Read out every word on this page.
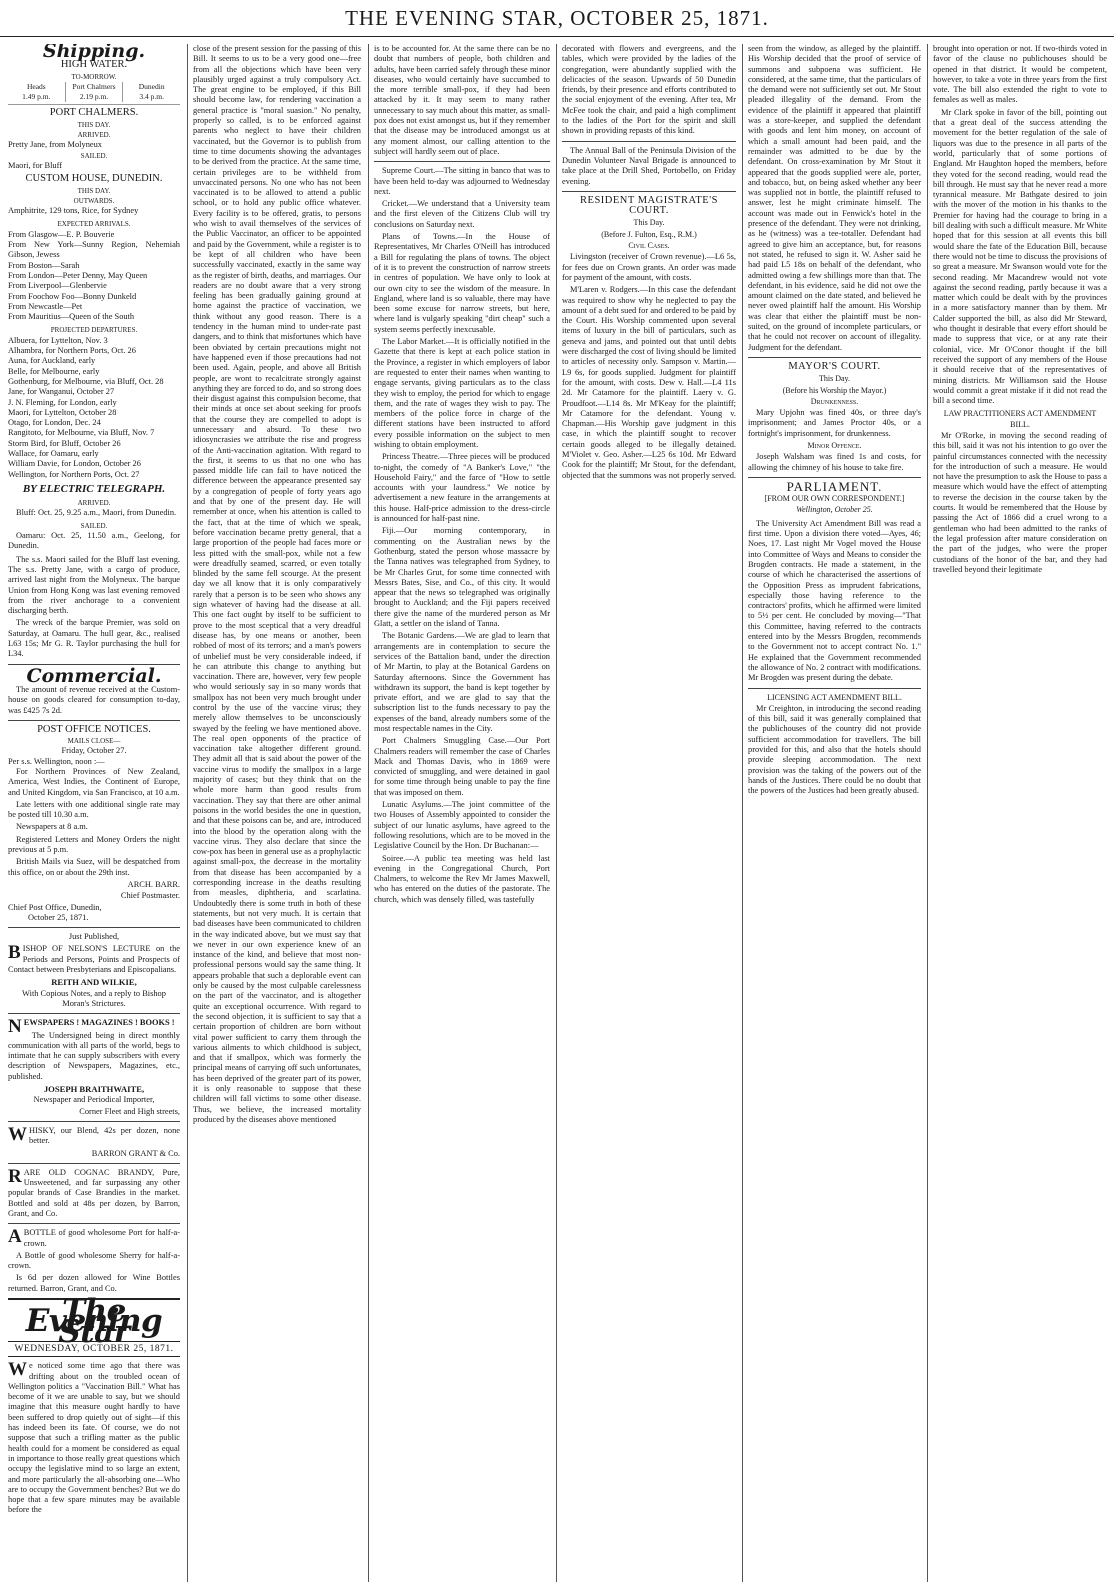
THE EVENING STAR, OCTOBER 25, 1871.
Shipping.
HIGH WATER.
TO-MORROW.
Heads
1.49 p.m.
Port Chalmers
2.19 p.m.
Dunedin
3.4 p.m.
PORT CHALMERS.
THIS DAY.
ARRIVED.
Pretty Jane, from Molyneux
SAILED.
Maori, for Bluff
CUSTOM HOUSE, DUNEDIN.
THIS DAY.
OUTWARDS.
Amphitrite, 129 tons, Rice, for Sydney
EXPECTED ARRIVALS.
From Glasgow—E. P. Bouverie
From New York—Sunny Region, Nehemiah Gibson, Jewess
From Boston—Sarah
From London—Peter Denny, May Queen
From Liverpool—Glenbervie
From Foochow Foo—Bonny Dunkeld
From Newcastle—Pet
From Mauritius—Queen of the South
PROJECTED DEPARTURES.
Albuera, for Lyttelton, Nov. 3
Alhambra, for Northern Ports, Oct. 26
Auna, for Auckland, early
Belle, for Melbourne, early
Gothenburg, for Melbourne, via Bluff, Oct. 28
Jane, for Wanganui, October 27
J. N. Fleming, for London, early
Maori, for Lyttelton, October 28
Otago, for London, Dec. 24
Rangitoto, for Melbourne, via Bluff, Nov. 7
Storm Bird, for Bluff, October 26
Wallace, for Oamaru, early
William Davie, for London, October 26
Wellington, for Northern Ports, Oct. 27
BY ELECTRIC TELEGRAPH.
ARRIVED.

Bluff: Oct. 25, 9.25 a.m., Maori, from Dunedin.

SAILED.

Oamaru: Oct. 25, 11.50 a.m., Geelong, for Dunedin.

The s.s. Maori sailed for the Bluff last evening. The s.s. Pretty Jane, with a cargo of produce, arrived last night from the Molyneux. The barque Union from Hong Kong was last evening removed from the river anchorage to a convenient discharging berth.

The wreck of the barque Premier, was sold on Saturday, at Oamaru. The hull gear, &c., realised L63 15s; Mr G. R. Taylor purchasing the hull for L34.

Commercial.

The amount of revenue received at the Custom-house on goods cleared for consumption to-day, was £425 7s 2d.

POST OFFICE NOTICES.
MAILS CLOSE—
Friday, October 27.
Per s.s. Wellington, noon :—

For Northern Provinces of New Zealand, America, West Indies, the Continent of Europe, and United Kingdom, via San Francisco, at 10 a.m.

Late letters with one additional single rate may be posted till 10.30 a.m.

Newspapers at 8 a.m.

Registered Letters and Money Orders the night previous at 5 p.m.

British Mails via Suez, will be despatched from this office, on or about the 29th inst.

ARCH. BARR.
Chief Postmaster.
Chief Post Office, Dunedin,
October 25, 1871.
Just Published,
BISHOP OF NELSON'S LECTURE on the Periods and Persons, Points and Prospects of Contact between Presbyterians and Episcopalians.
REITH AND WILKIE,
With Copious Notes, and a reply to Bishop Moran's Strictures.
NEWSPAPERS ! MAGAZINES ! BOOKS !

The Undersigned being in direct monthly communication with all parts of the world, begs to intimate that he can supply subscribers with every description of Newspapers, Magazines, etc., published.

JOSEPH BRAITHWAITE,
Newspaper and Periodical Importer,
Corner Fleet and High streets,
WHISKY, our Blend, 42s per dozen, none better.
BARRON GRANT & Co.
RARE OLD COGNAC BRANDY, Pure, Unsweetened, and far surpassing any other popular brands of Case Brandies in the market. Bottled and sold at 48s per dozen, by Barron, Grant, and Co.
ABOTTLE of good wholesome Port for half-a-crown.

A Bottle of good wholesome Sherry for half-a-crown.

Is 6d per dozen allowed for Wine Bottles returned. Barron, Grant, and Co.

The Evening Star
WEDNESDAY, OCTOBER 25, 1871.

We noticed some time ago that there was drifting about on the troubled ocean of Wellington politics a "Vaccination Bill." What has become of it we are unable to say, but we should imagine that this measure ought hardly to have been suffered to drop quietly out of sight—if this has indeed been its fate. Of course, we do not suppose that such a trifling matter as the public health could for a moment be considered as equal in importance to those really great questions which occupy the legislative mind to so large an extent, and more particularly the all-absorbing one—Who are to occupy the Government benches? But we do hope that a few spare minutes may be available before the

close of the present session for the passing of this Bill. It seems to us to be a very good one—free from all the objections which have been very plausibly urged against a truly compulsory Act. The great engine to be employed, if this Bill should become law, for rendering vaccination a general practice is "moral suasion." No penalty, properly so called, is to be enforced against parents who neglect to have their children vaccinated, but the Governor is to publish from time to time documents showing the advantages to be derived from the practice. At the same time, certain privileges are to be withheld from unvaccinated persons. No one who has not been vaccinated is to be allowed to attend a public school, or to hold any public office whatever. Every facility is to be offered, gratis, to persons who wish to avail themselves of the services of the Public Vaccinator, an officer to be appointed and paid by the Government, while a register is to be kept of all children who have been successfully vaccinated, exactly in the same way as the register of birth, deaths, and marriages. Our readers are no doubt aware that a very strong feeling has been gradually gaining ground at home against the practice of vaccination, we think without any good reason. There is a tendency in the human mind to under-rate past dangers, and to think that misfortunes which have been obviated by certain precautions might not have happened even if those precautions had not been used. Again, people, and above all British people, are wont to recalcitrate strongly against anything they are forced to do, and so strong does their disgust against this compulsion become, that their minds at once set about seeking for proofs that the course they are compelled to adopt is unnecessary and absurd. To these two idiosyncrasies we attribute the rise and progress of the Anti-vaccination agitation. With regard to the first, it seems to us that no one who has passed middle life can fail to have noticed the difference between the appearance presented say by a congregation of people of forty years ago and that by one of the present day. He will remember at once, when his attention is called to the fact, that at the time of which we speak, before vaccination became pretty general, that a large proportion of the people had faces more or less pitted with the small-pox, while not a few were dreadfully seamed, scarred, or even totally blinded by the same fell scourge. At the present day we all know that it is only comparatively rarely that a person is to be seen who shows any sign whatever of having had the disease at all. This one fact ought by itself to be sufficient to prove to the most sceptical that a very dreadful disease has, by one means or another, been robbed of most of its terrors; and a man's powers of unbelief must be very considerable indeed, if he can attribute this change to anything but vaccination. There are, however, very few people who would seriously say in so many words that smallpox has not been very much brought under control by the use of the vaccine virus; they merely allow themselves to be unconsciously swayed by the feeling we have mentioned above. The real open opponents of the practice of vaccination take altogether different ground. They admit all that is said about the power of the vaccine virus to modify the smallpox in a large majority of cases; but they think that on the whole more harm than good results from vaccination. They say that there are other animal poisons in the world besides the one in question, and that these poisons can be, and are, introduced into the blood by the operation along with the vaccine virus. They also declare that since the cow-pox has been in general use as a prophylactic against small-pox, the decrease in the mortality from that disease has been accompanied by a corresponding increase in the deaths resulting from measles, diphtheria, and scarlatina. Undoubtedly there is some truth in both of these statements, but not very much. It is certain that bad diseases have been communicated to children in the way indicated above, but we must say that we never in our own experience knew of an instance of the kind, and believe that most non-professional persons would say the same thing. It appears probable that such a deplorable event can only be caused by the most culpable carelessness on the part of the vaccinator, and is altogether quite an exceptional occurrence. With regard to the second objection, it is sufficient to say that a certain proportion of children are born without vital power sufficient to carry them through the various ailments to which childhood is subject, and that if smallpox, which was formerly the principal means of carrying off such unfortunates, has been deprived of the greater part of its power, it is only reasonable to suppose that these children will fall victims to some other disease. Thus, we believe, the increased mortality produced by the diseases above mentioned

is to be accounted for. At the same there can be no doubt that numbers of people, both children and adults, have been carried safely through these minor diseases, who would certainly have succumbed to the more terrible small-pox, if they had been attacked by it. It may seem to many rather unnecessary to say much about this matter, as small-pox does not exist amongst us, but if they remember that the disease may be introduced amongst us at any moment almost, our calling attention to the subject will hardly seem out of place.

Supreme Court.—The sitting in banco that was to have been held to-day was adjourned to Wednesday next.

Cricket.—We understand that a University team and the first eleven of the Citizens Club will try conclusions on Saturday next.

Plans of Towns.—In the House of Representatives, Mr Charles O'Neill has introduced a Bill for regulating the plans of towns. The object of it is to prevent the construction of narrow streets in centres of population. We have only to look at our own city to see the wisdom of the measure. In England, where land is so valuable, there may have been some excuse for narrow streets, but here, where land is vulgarly speaking "dirt cheap" such a system seems perfectly inexcusable.

The Labor Market.—It is officially notified in the Gazette that there is kept at each police station in the Province, a register in which employers of labor are requested to enter their names when wanting to engage servants, giving particulars as to the class they wish to employ, the period for which to engage them, and the rate of wages they wish to pay. The members of the police force in charge of the different stations have been instructed to afford every possible information on the subject to men wishing to obtain employment.

Princess Theatre.—Three pieces will be produced to-night, the comedy of "A Banker's Love," "the Household Fairy," and the farce of "How to settle accounts with your laundress." We notice by advertisement a new feature in the arrangements at this house. Half-price admission to the dress-circle is announced for half-past nine.

Fiji.—Our morning contemporary, in commenting on the Australian news by the Gothenburg, stated the person whose massacre by the Tanna natives was telegraphed from Sydney, to be Mr Charles Grut, for some time connected with Messrs Bates, Sise, and Co., of this city. It would appear that the news so telegraphed was originally brought to Auckland; and the Fiji papers received there give the name of the murdered person as Mr Glatt, a settler on the island of Tanna.

The Botanic Gardens.—We are glad to learn that arrangements are in contemplation to secure the services of the Battalion band, under the direction of Mr Martin, to play at the Botanical Gardens on Saturday afternoons. Since the Government has withdrawn its support, the band is kept together by private effort, and we are glad to say that the subscription list to the funds necessary to pay the expenses of the band, already numbers some of the most respectable names in the City.

Port Chalmers Smuggling Case.—Our Port Chalmers readers will remember the case of Charles Mack and Thomas Davis, who in 1869 were convicted of smuggling, and were detained in gaol for some time through being unable to pay the fine that was imposed on them.

Lunatic Asylums.—The joint committee of the two Houses of Assembly appointed to consider the subject of our lunatic asylums, have agreed to the following resolutions, which are to be moved in the Legislative Council by the Hon. Dr Buchanan:—

Soiree.—A public tea meeting was held last evening in the Congregational Church, Port Chalmers, to welcome the Rev Mr James Maxwell, who has entered on the duties of the pastorate. The church, which was densely filled, was tastefully

decorated with flowers and evergreens, and the tables, which were provided by the ladies of the congregation, were abundantly supplied with the delicacies of the season. Upwards of 50 Dunedin friends, by their presence and efforts contributed to the social enjoyment of the evening. After tea, Mr McFee took the chair, and paid a high compliment to the ladies of the Port for the spirit and skill shown in providing repasts of this kind.

The Annual Ball of the Peninsula Division of the Dunedin Volunteer Naval Brigade is announced to take place at the Drill Shed, Portobello, on Friday evening.

RESIDENT MAGISTRATE'S COURT.
This Day.
(Before J. Fulton, Esq., R.M.)
Civil Cases.

Livingston (receiver of Crown revenue).—L6 5s, for fees due on Crown grants. An order was made for payment of the amount, with costs.

M'Laren v. Rodgers.—In this case the defendant was required to show why he neglected to pay the amount of a debt sued for and ordered to be paid by the Court. His Worship commented upon several items of luxury in the bill of particulars, such as geneva and jams, and pointed out that until debts were discharged the cost of living should be limited to articles of necessity only. Sampson v. Martin.—L9 6s, for goods supplied. Judgment for plaintiff for the amount, with costs. Dew v. Hall.—L4 11s 2d. Mr Catamore for the plaintiff. Laery v. G. Proudfoot.—L14 8s. Mr M'Keay for the plaintiff; Mr Catamore for the defendant. Young v. Chapman.—His Worship gave judgment in this case, in which the plaintiff sought to recover certain goods alleged to be illegally detained. M'Violet v. Geo. Asher.—L25 6s 10d. Mr Edward Cook for the plaintiff; Mr Stout, for the defendant, objected that the summons was not properly served.

seen from the window, as alleged by the plaintiff. His Worship decided that the proof of service of summons and subpoena was sufficient. He considered, at the same time, that the particulars of the demand were not sufficiently set out. Mr Stout pleaded illegality of the demand. From the evidence of the plaintiff it appeared that plaintiff was a store-keeper, and supplied the defendant with goods and lent him money, on account of which a small amount had been paid, and the remainder was admitted to be due by the defendant. On cross-examination by Mr Stout it appeared that the goods supplied were ale, porter, and tobacco, but, on being asked whether any beer was supplied not in bottle, the plaintiff refused to answer, lest he might criminate himself. The account was made out in Fenwick's hotel in the presence of the defendant. They were not drinking, as he (witness) was a tee-totaller. Defendant had agreed to give him an acceptance, but, for reasons not stated, he refused to sign it. W. Asher said he had paid L5 18s on behalf of the defendant, who admitted owing a few shillings more than that. The defendant, in his evidence, said he did not owe the amount claimed on the date stated, and believed he never owed plaintiff half the amount. His Worship was clear that either the plaintiff must be non-suited, on the ground of incomplete particulars, or that he could not recover on account of illegality. Judgment for the defendant.

MAYOR'S COURT.
This Day.
(Before his Worship the Mayor.)
Drunkenness.

Mary Upjohn was fined 40s, or three day's imprisonment; and James Proctor 40s, or a fortnight's imprisonment, for drunkenness.

Minor Offence.

Joseph Walsham was fined 1s and costs, for allowing the chimney of his house to take fire.

PARLIAMENT.
[FROM OUR OWN CORRESPONDENT.]
Wellington, October 25.

The University Act Amendment Bill was read a first time. Upon a division there voted—Ayes, 46; Noes, 17. Last night Mr Vogel moved the House into Committee of Ways and Means to consider the Brogden contracts. He made a statement, in the course of which he characterised the assertions of the Opposition Press as imprudent fabrications, especially those having reference to the contractors' profits, which he affirmed were limited to 5½ per cent. He concluded by moving—"That this Committee, having referred to the contracts entered into by the Messrs Brogden, recommends to the Government not to accept contract No. 1." He explained that the Government recommended the allowance of No. 2 contract with modifications. Mr Brogden was present during the debate.

LICENSING ACT AMENDMENT BILL.

Mr Creighton, in introducing the second reading of this bill, said it was generally complained that the publichouses of the country did not provide sufficient accommodation for travellers. The bill provided for this, and also that the hotels should provide sleeping accommodation. The next provision was the taking of the powers out of the hands of the Justices. There could be no doubt that the powers of the Justices had been greatly abused.

brought into operation or not. If two-thirds voted in favor of the clause no publichouses should be opened in that district. It would be competent, however, to take a vote in three years from the first vote. The bill also extended the right to vote to females as well as males.

Mr Clark spoke in favor of the bill, pointing out that a great deal of the success attending the movement for the better regulation of the sale of liquors was due to the presence in all parts of the world, particularly that of some portions of England. Mr Haughton hoped the members, before they voted for the second reading, would read the bill through. He must say that he never read a more tyrannical measure. Mr Bathgate desired to join with the mover of the motion in his thanks to the Premier for having had the courage to bring in a bill dealing with such a difficult measure. Mr White hoped that for this session at all events this bill would share the fate of the Education Bill, because there would not be time to discuss the provisions of so great a measure. Mr Swanson would vote for the second reading. Mr Macandrew would not vote against the second reading, partly because it was a matter which could be dealt with by the provinces in a more satisfactory manner than by them. Mr Calder supported the bill, as also did Mr Steward, who thought it desirable that every effort should be made to suppress that vice, or at any rate their colonial, vice. Mr O'Conor thought if the bill received the support of any members of the House it should receive that of the representatives of mining districts. Mr Williamson said the House would commit a great mistake if it did not read the bill a second time.

LAW PRACTITIONERS ACT AMENDMENT BILL.

Mr O'Rorke, in moving the second reading of this bill, said it was not his intention to go over the painful circumstances connected with the necessity for the introduction of such a measure. He would not have the presumption to ask the House to pass a measure which would have the effect of attempting to reverse the decision in the course taken by the courts. It would be remembered that the House by passing the Act of 1866 did a cruel wrong to a gentleman who had been admitted to the ranks of the legal profession after mature consideration on the part of the judges, who were the proper custodians of the honor of the bar, and they had travelled beyond their legitimate
